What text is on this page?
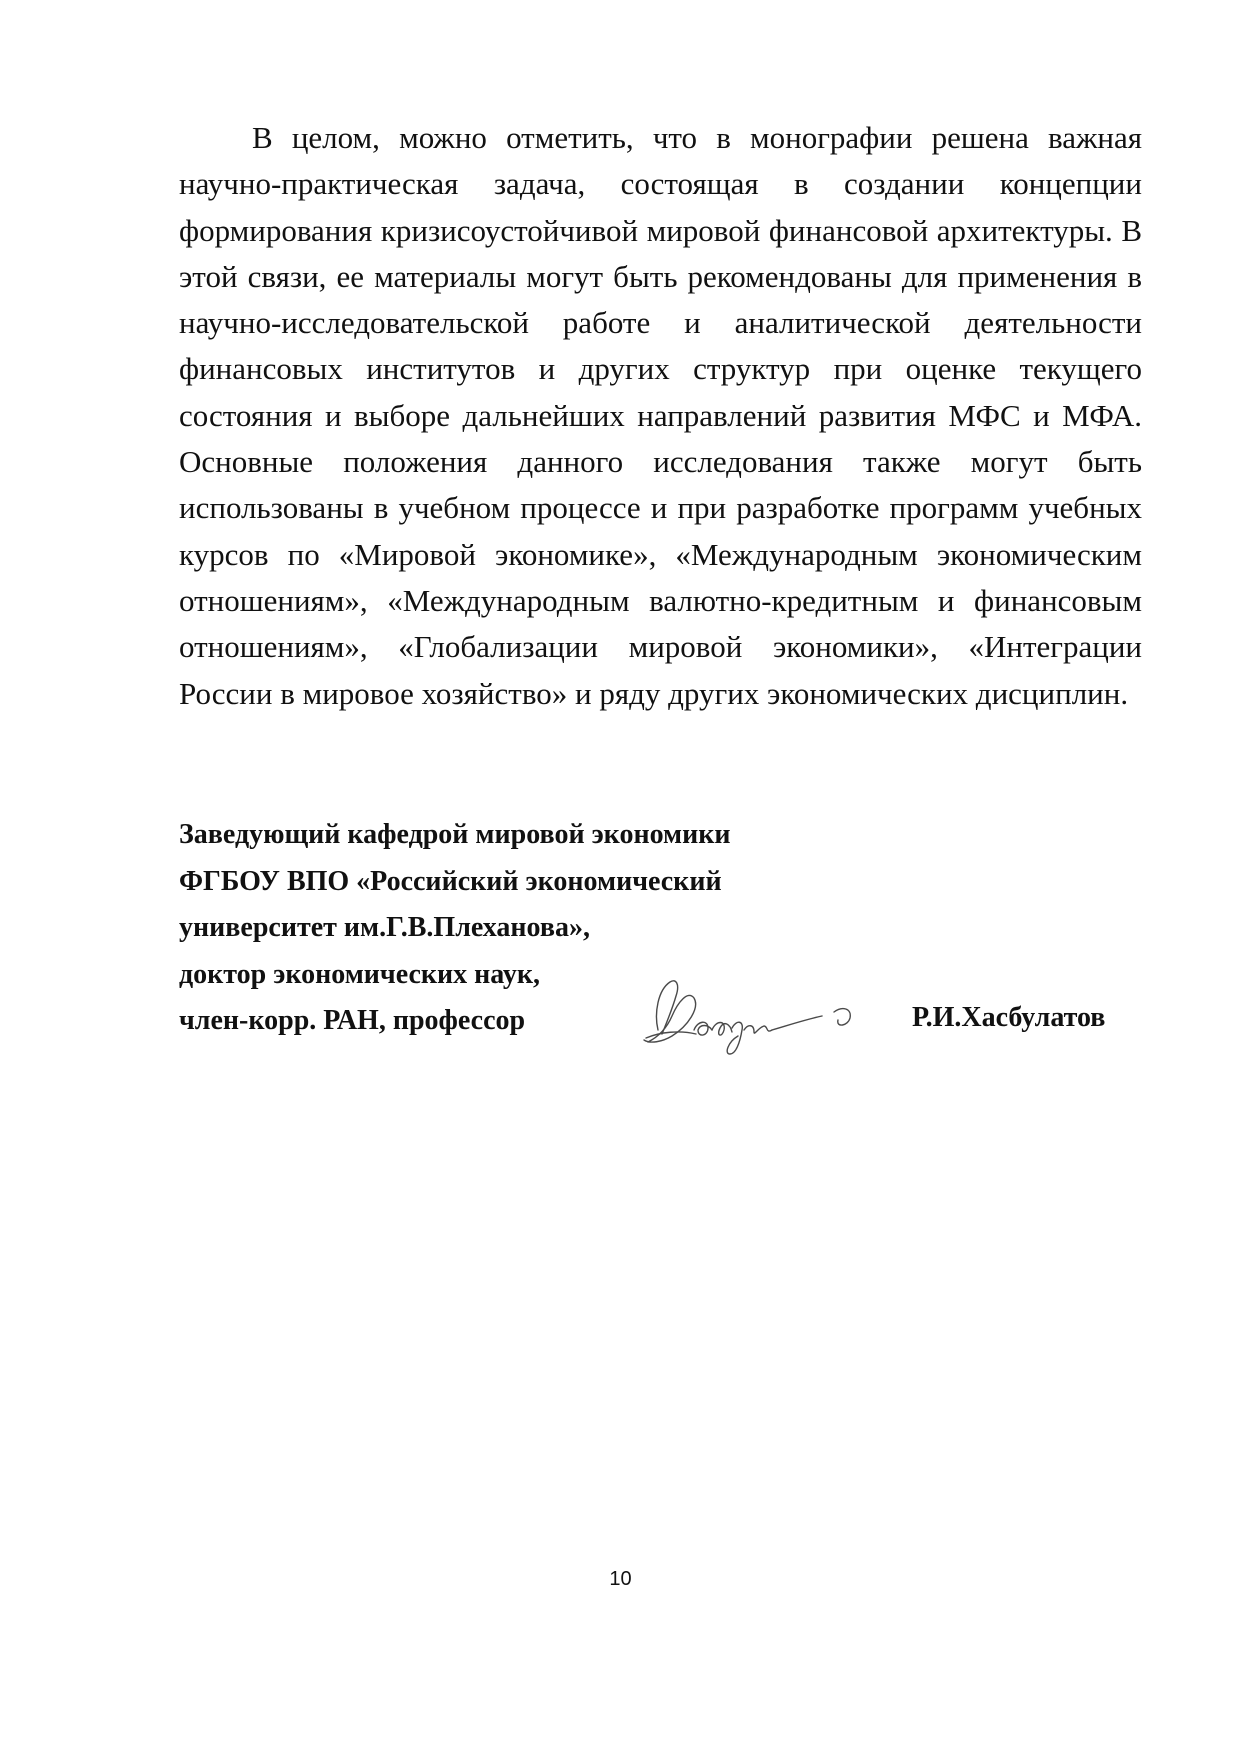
В целом, можно отметить, что в монографии решена важная научно-практическая задача, состоящая в создании концепции формирования кризисоустойчивой мировой финансовой архитектуры. В этой связи, ее материалы могут быть рекомендованы для применения в научно-исследовательской работе и аналитической деятельности финансовых институтов и других структур при оценке текущего состояния и выборе дальнейших направлений развития МФС и МФА. Основные положения данного исследования также могут быть использованы в учебном процессе и при разработке программ учебных курсов по «Мировой экономике», «Международным экономическим отношениям», «Международным валютно-кредитным и финансовым отношениям», «Глобализации мировой экономики», «Интеграции России в мировое хозяйство» и ряду других экономических дисциплин.

Заведующий кафедрой мировой экономики
ФГБОУ ВПО «Российский экономический
университет им.Г.В.Плеханова»,
доктор экономических наук,
член-корр. РАН, профессор	Р.И.Хасбулатов
10
